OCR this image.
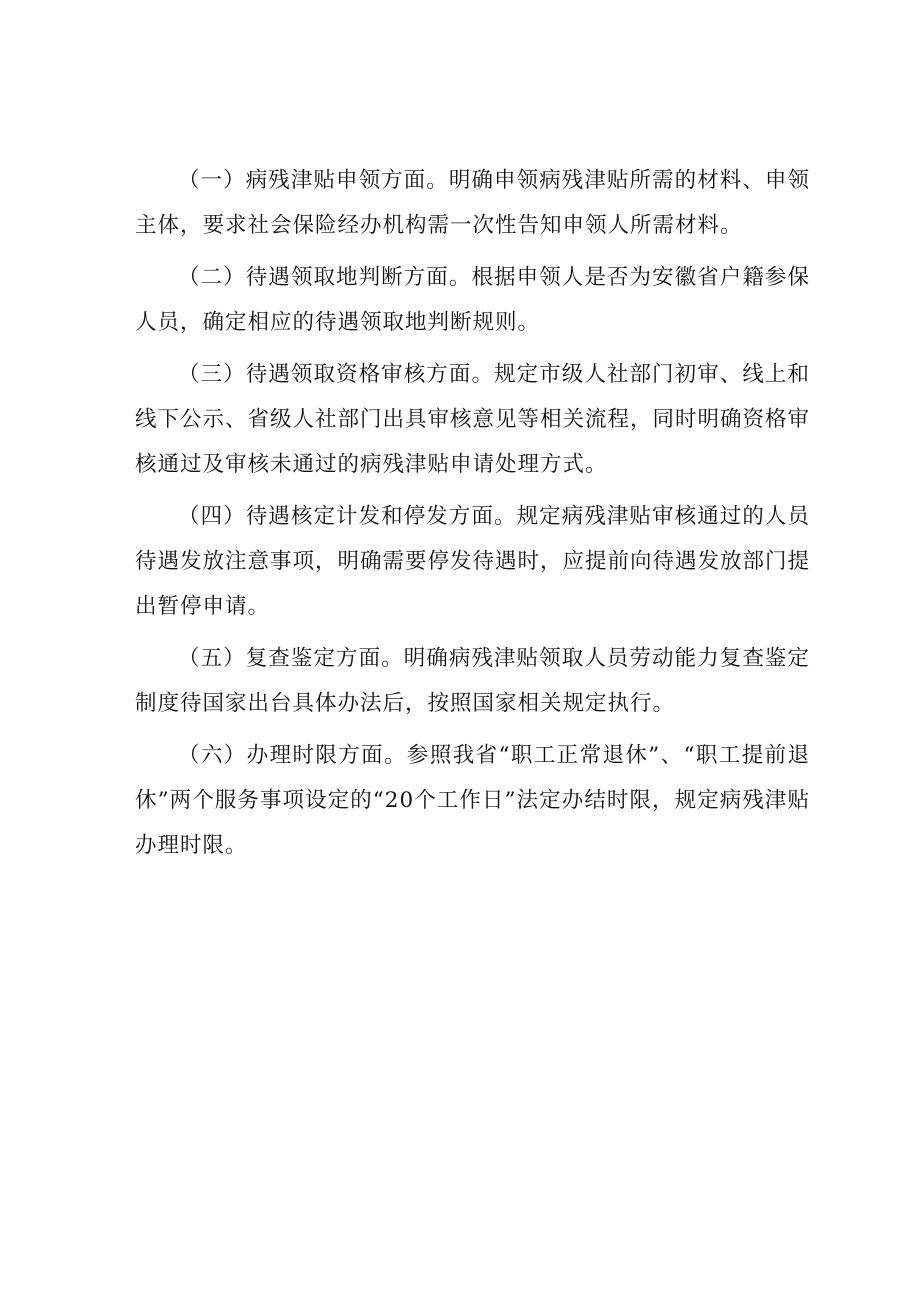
（一）病残津贴申领方面。明确申领病残津贴所需的材料、申领主体，要求社会保险经办机构需一次性告知申领人所需材料。

（二）待遇领取地判断方面。根据申领人是否为安徽省户籍参保人员，确定相应的待遇领取地判断规则。

（三）待遇领取资格审核方面。规定市级人社部门初审、线上和线下公示、省级人社部门出具审核意见等相关流程，同时明确资格审核通过及审核未通过的病残津贴申请处理方式。

（四）待遇核定计发和停发方面。规定病残津贴审核通过的人员待遇发放注意事项，明确需要停发待遇时，应提前向待遇发放部门提出暂停申请。

（五）复查鉴定方面。明确病残津贴领取人员劳动能力复查鉴定制度待国家出台具体办法后，按照国家相关规定执行。

（六）办理时限方面。参照我省“职工正常退休”、“职工提前退休”两个服务事项设定的“20个工作日”法定办结时限，规定病残津贴办理时限。
